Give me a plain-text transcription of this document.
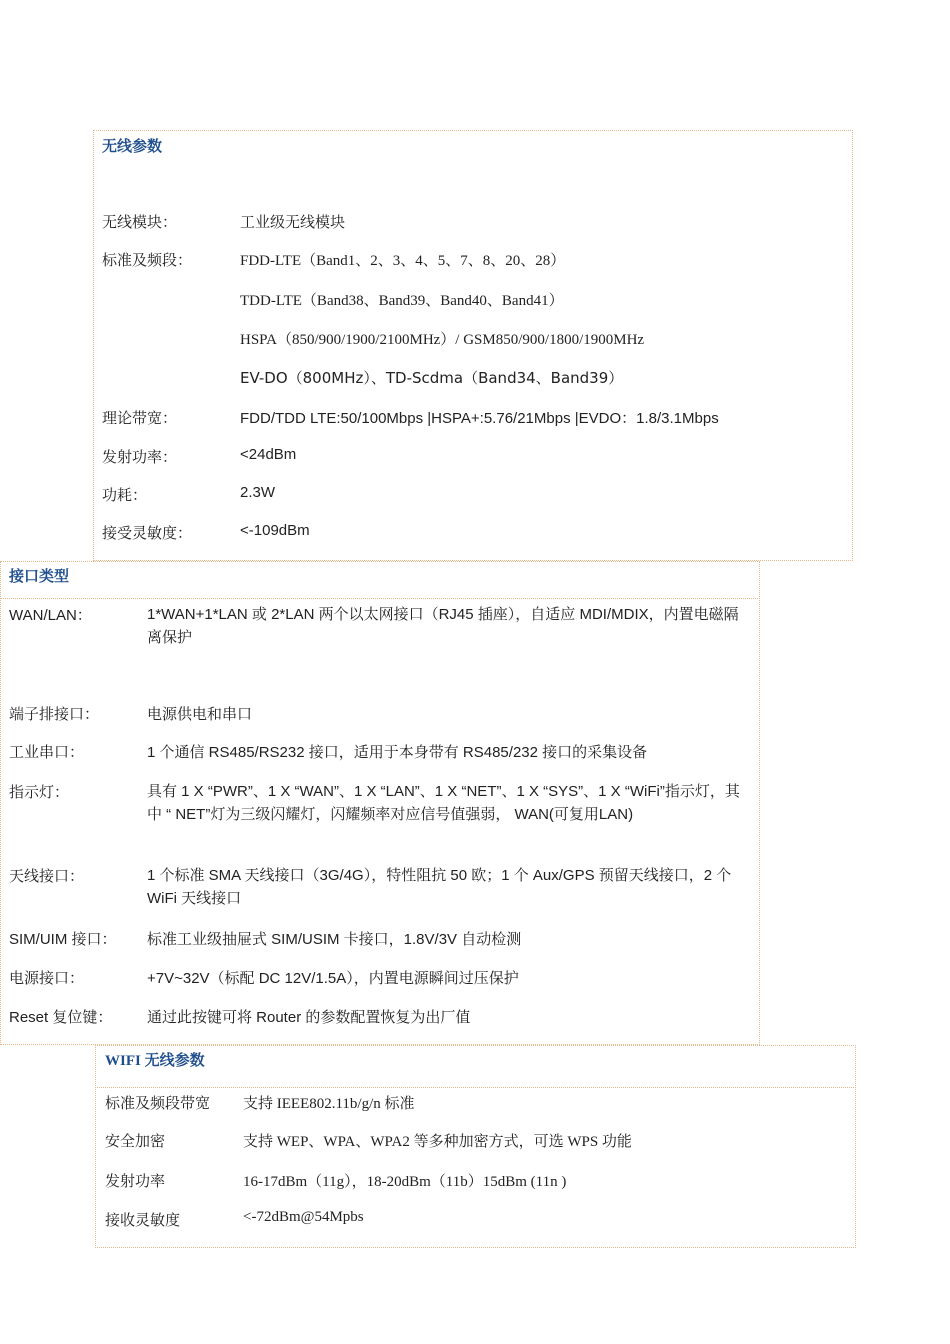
无线参数
无线模块：	工业级无线模块
标准及频段：	FDD-LTE（Band1、2、3、4、5、7、8、20、28）
TDD-LTE（Band38、Band39、Band40、Band41）
HSPA（850/900/1900/2100MHz）/ GSM850/900/1800/1900MHz
EV-DO（800MHz）、TD-Scdma（Band34、Band39）
理论带宽：	FDD/TDD LTE:50/100Mbps |HSPA+:5.76/21Mbps |EVDO：1.8/3.1Mbps
发射功率：	<24dBm
功耗：	2.3W
接受灵敏度：	<-109dBm
接口类型
WAN/LAN：	1*WAN+1*LAN 或 2*LAN 两个以太网接口（RJ45 插座），自适应 MDI/MDIX，内置电磁隔离保护
端子排接口：	电源供电和串口
工业串口：	1 个通信 RS485/RS232 接口，适用于本身带有 RS485/232 接口的采集设备
指示灯：	具有 1 X “PWR”、1 X “WAN”、1 X “LAN”、1 X “NET”、1 X “SYS”、1 X “WiFi”指示灯，其中 “ NET”灯为三级闪耀灯，闪耀频率对应信号值强弱， WAN(可复用LAN)
天线接口：	1 个标准 SMA 天线接口（3G/4G），特性阻抗 50 欧；1 个 Aux/GPS 预留天线接口，2 个 WiFi 天线接口
SIM/UIM 接口： 标准工业级抽屉式 SIM/USIM 卡接口，1.8V/3V 自动检测
电源接口：	+7V~32V（标配 DC 12V/1.5A），内置电源瞬间过压保护
Reset 复位键： 通过此按键可将 Router 的参数配置恢复为出厂值
WIFI 无线参数
标准及频段带宽 支持 IEEE802.11b/g/n 标准
安全加密	支持 WEP、WPA、WPA2 等多种加密方式，可选 WPS 功能
发射功率	16-17dBm（11g），18-20dBm（11b）15dBm (11n )
接收灵敏度	<-72dBm@54Mpbs
